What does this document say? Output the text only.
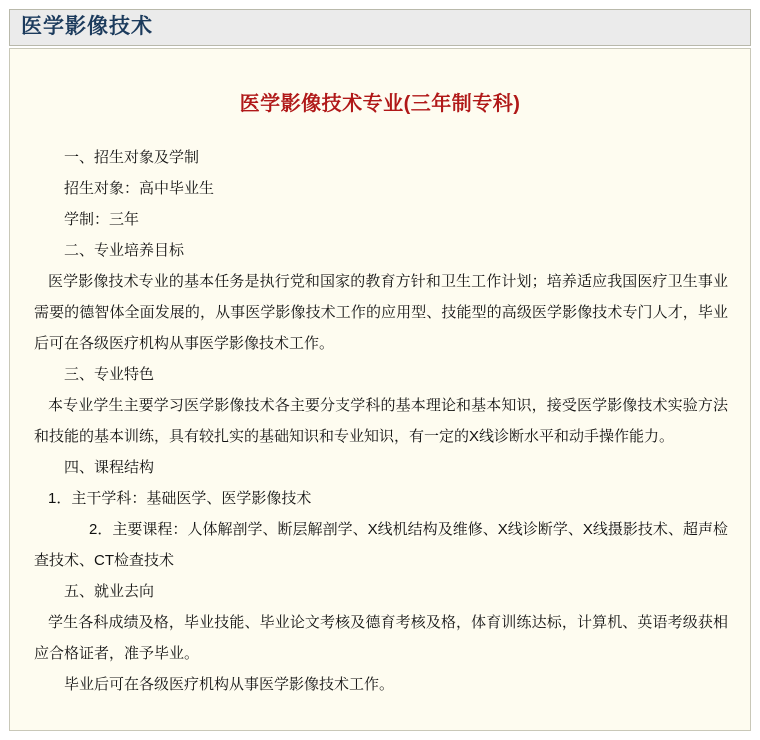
医学影像技术
医学影像技术专业(三年制专科)

一、招生对象及学制

招生对象：高中毕业生

学制：三年

二、专业培养目标

医学影像技术专业的基本任务是执行党和国家的教育方针和卫生工作计划；培养适应我国医疗卫生事业需要的德智体全面发展的，从事医学影像技术工作的应用型、技能型的高级医学影像技术专门人才，毕业后可在各级医疗机构从事医学影像技术工作。

三、专业特色

本专业学生主要学习医学影像技术各主要分支学科的基本理论和基本知识，接受医学影像技术实验方法和技能的基本训练，具有较扎实的基础知识和专业知识，有一定的X线诊断水平和动手操作能力。

四、课程结构

1．主干学科：基础医学、医学影像技术

2．主要课程：人体解剖学、断层解剖学、X线机结构及维修、X线诊断学、X线摄影技术、超声检查技术、CT检查技术

五、就业去向

学生各科成绩及格，毕业技能、毕业论文考核及德育考核及格，体育训练达标，计算机、英语考级获相应合格证者，准予毕业。

毕业后可在各级医疗机构从事医学影像技术工作。
